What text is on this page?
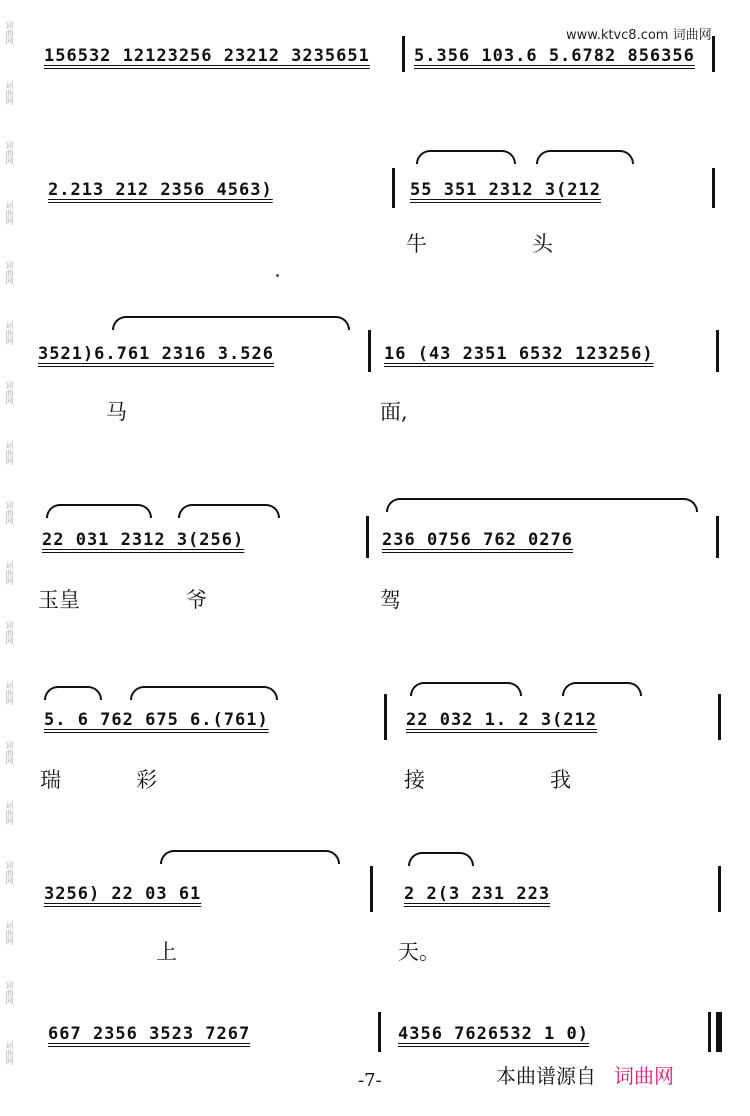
词曲网
词曲网
词曲网
词曲网
词曲网
词曲网
词曲网
词曲网
词曲网
词曲网
词曲网
词曲网
词曲网
词曲网
词曲网
词曲网
词曲网
词曲网
www.ktvc8.com 词曲网
156532 12123256 23212 3235651	5.356 103.6 5.6782 856356
2.213 212 2356 4563)	55 351 2312 3(212
牛	头
3521)6.761 2316 3.526	16 (43 2351 6532 123256)
马	面,
22 031 2312 3(256)	236 0756 762 0276
玉皇	爷	驾
5. 6 762 675 6.(761)	22 032 1. 2 3(212
瑞	彩	接	我
3256) 22 03 61	2 2(3 231 223
上	天。
667 2356 3523 7267	4356 7626532 1 0)
-7-	本曲谱源自 词曲网
